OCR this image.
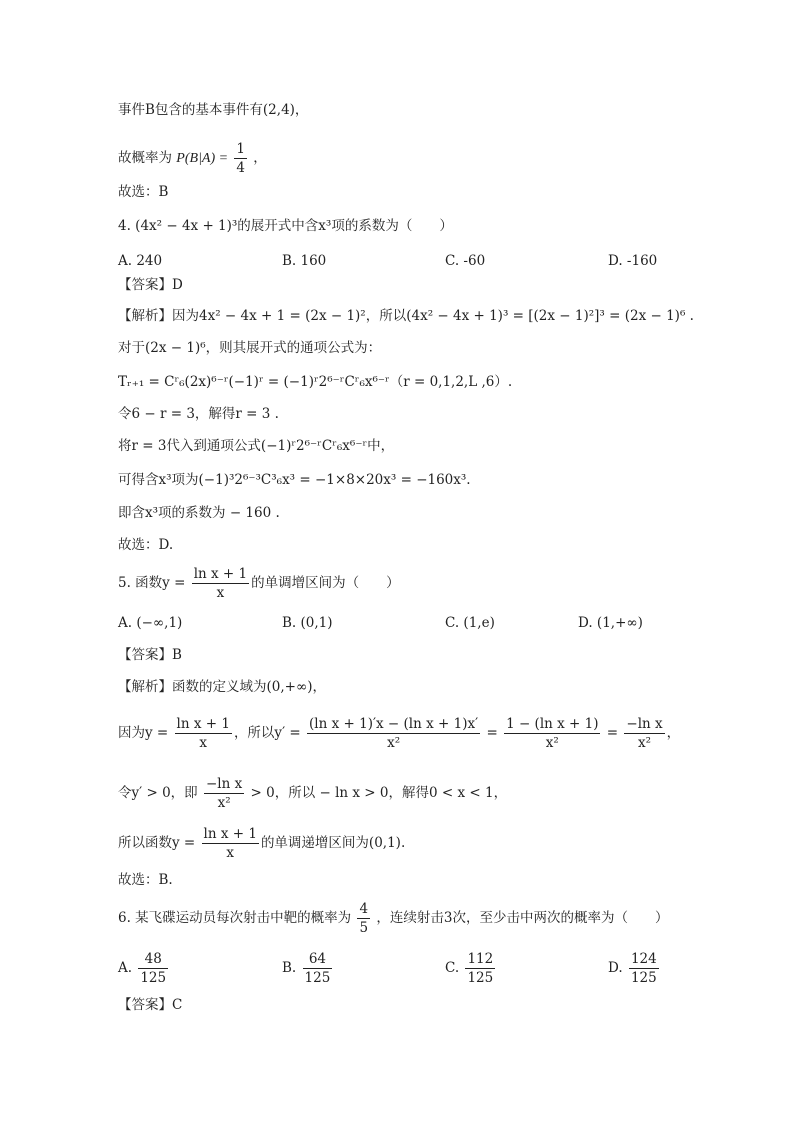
事件B包含的基本事件有(2,4)，
故概率为 $P(B|A) = \frac{1}{4}$ ，
故选：B
4. (4x² − 4x + 1)³的展开式中含x³项的系数为（　　）
A. 240	B. 160	C. -60	D. -160
【答案】D
【解析】因为4x² − 4x + 1 = (2x − 1)²，所以(4x² − 4x + 1)³ = [(2x − 1)²]³ = (2x − 1)⁶ .
对于(2x − 1)⁶，则其展开式的通项公式为：
Tᵣ₊₁ = Cʳ₆(2x)⁶⁻ʳ(−1)ʳ = (−1)ʳ2⁶⁻ʳCʳ₆x⁶⁻ʳ（r = 0,1,2,L ,6）.
令6 − r = 3，解得r = 3 .
将r = 3代入到通项公式(−1)ʳ2⁶⁻ʳCʳ₆x⁶⁻ʳ中，
可得含x³项为(−1)³2⁶⁻³C³₆x³ = −1×8×20x³ = −160x³.
即含x³项的系数为 − 160 .
故选：D.
5. 函数$y = \frac{\text{ln x + 1}}{x}$ 的单调增区间为（　　）
A. (−∞,1)	B. (0,1)	C. (1,e)	D. (1,+∞)
【答案】B
【解析】函数的定义域为(0,+∞)，
因为$y = \frac{\text{ln x + 1}}{x}$ ，所以$y' = \frac{\text{(ln x + 1)′x − (ln x + 1)x′}}{\text{x²}} = \frac{\text{1 − (ln x + 1)}}{\text{x²}} = \frac{\text{−ln x}}{\text{x²}}$ ，
令y′ > 0，即 $\frac{\text{−ln x}}{\text{x²}} > 0$，所以 − ln x > 0，解得0 < x < 1，
所以函数$y = \frac{\text{ln x + 1}}{x}$ 的单调递增区间为(0,1).
故选：B.
6. 某飞碟运动员每次射击中靶的概率为 $\frac{4}{5}$ ，连续射击3次，至少击中两次的概率为（　　）
A. $\frac{48}{125}$	B. $\frac{64}{125}$	C. $\frac{112}{125}$	D. $\frac{124}{125}$
【答案】C
